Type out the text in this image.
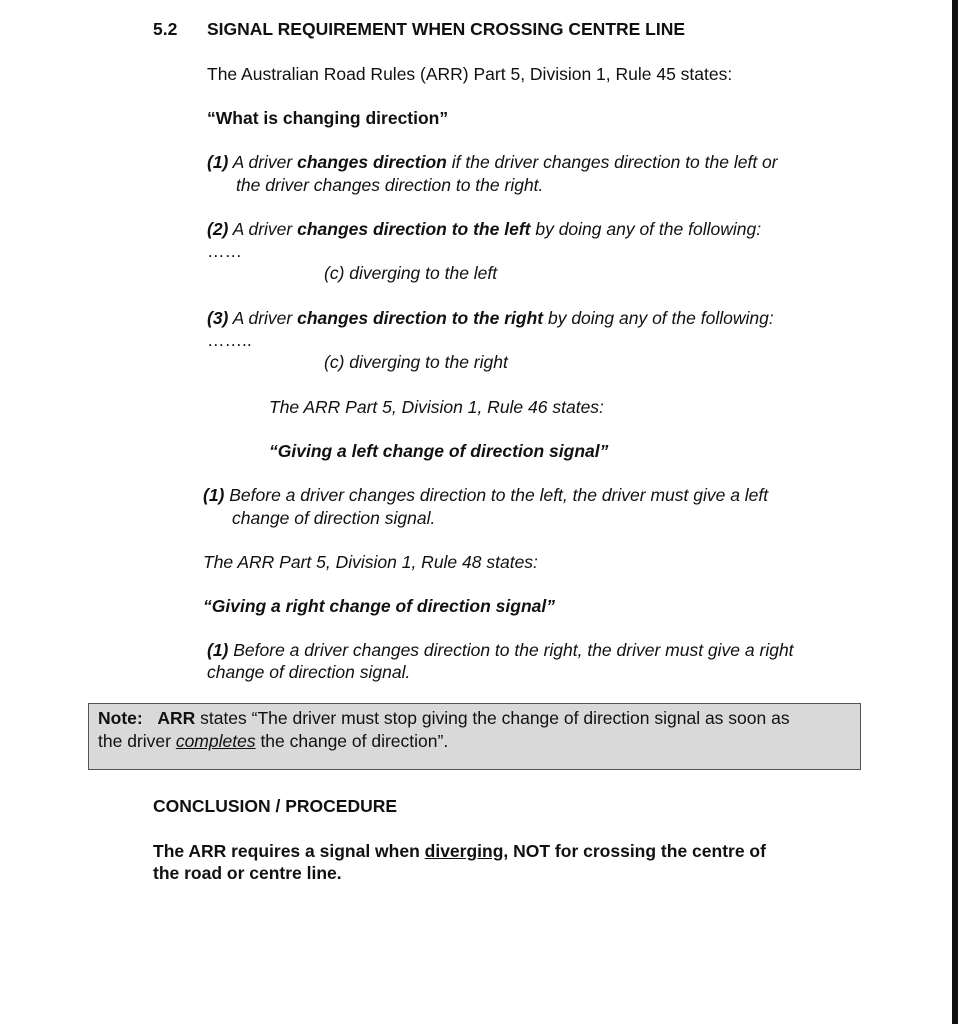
5.2 SIGNAL REQUIREMENT WHEN CROSSING CENTRE LINE
The Australian Road Rules (ARR) Part 5, Division 1, Rule 45 states:
“What is changing direction”
(1) A driver changes direction if the driver changes direction to the left or
the driver changes direction to the right.
(2) A driver changes direction to the left by doing any of the following:
……
(c) diverging to the left
(3) A driver changes direction to the right by doing any of the following:
……..
(c) diverging to the right
The ARR Part 5, Division 1, Rule 46 states:
“Giving a left change of direction signal”
(1) Before a driver changes direction to the left, the driver must give a left
change of direction signal.
The ARR Part 5, Division 1, Rule 48 states:
“Giving a right change of direction signal”
(1) Before a driver changes direction to the right, the driver must give a right
change of direction signal.
Note: ARR states “The driver must stop giving the change of direction signal as soon as
the driver completes the change of direction”.
CONCLUSION / PROCEDURE
The ARR requires a signal when diverging, NOT for crossing the centre of
the road or centre line.
